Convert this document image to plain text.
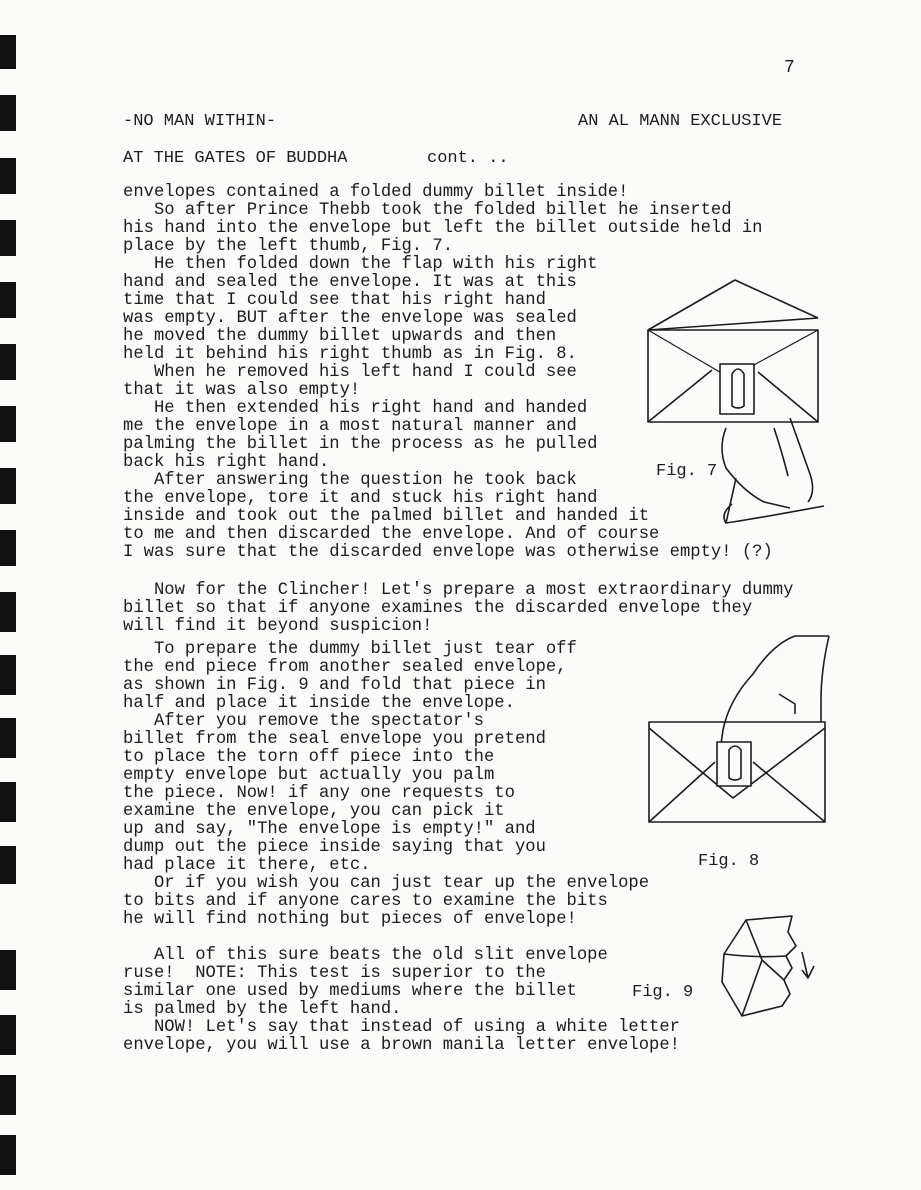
7
-NO MAN WITHIN-	AN AL MANN EXCLUSIVE
AT THE GATES OF BUDDHA	cont. ..
envelopes contained a folded dummy billet inside!
So after Prince Thebb took the folded billet he inserted
his hand into the envelope but left the billet outside held in
place by the left thumb, Fig. 7.
He then folded down the flap with his right
hand and sealed the envelope. It was at this
time that I could see that his right hand
was empty. BUT after the envelope was sealed
he moved the dummy billet upwards and then
held it behind his right thumb as in Fig. 8.
When he removed his left hand I could see
that it was also empty!
He then extended his right hand and handed
me the envelope in a most natural manner and
palming the billet in the process as he pulled
back his right hand.
After answering the question he took back
the envelope, tore it and stuck his right hand
inside and took out the palmed billet and handed it
to me and then discarded the envelope. And of course
I was sure that the discarded envelope was otherwise empty! (?)
Now for the Clincher! Let's prepare a most extraordinary dummy
billet so that if anyone examines the discarded envelope they
will find it beyond suspicion!
To prepare the dummy billet just tear off
the end piece from another sealed envelope,
as shown in Fig. 9 and fold that piece in
half and place it inside the envelope.
After you remove the spectator's
billet from the seal envelope you pretend
to place the torn off piece into the
empty envelope but actually you palm
the piece. Now! if any one requests to
examine the envelope, you can pick it
up and say, "The envelope is empty!" and
dump out the piece inside saying that you
had place it there, etc.
Or if you wish you can just tear up the envelope
to bits and if anyone cares to examine the bits
he will find nothing but pieces of envelope!
All of this sure beats the old slit envelope
ruse!  NOTE: This test is superior to the
similar one used by mediums where the billet
is palmed by the left hand.
NOW! Let's say that instead of using a white letter
envelope, you will use a brown manila letter envelope!
Fig. 7
Fig. 8
Fig. 9
